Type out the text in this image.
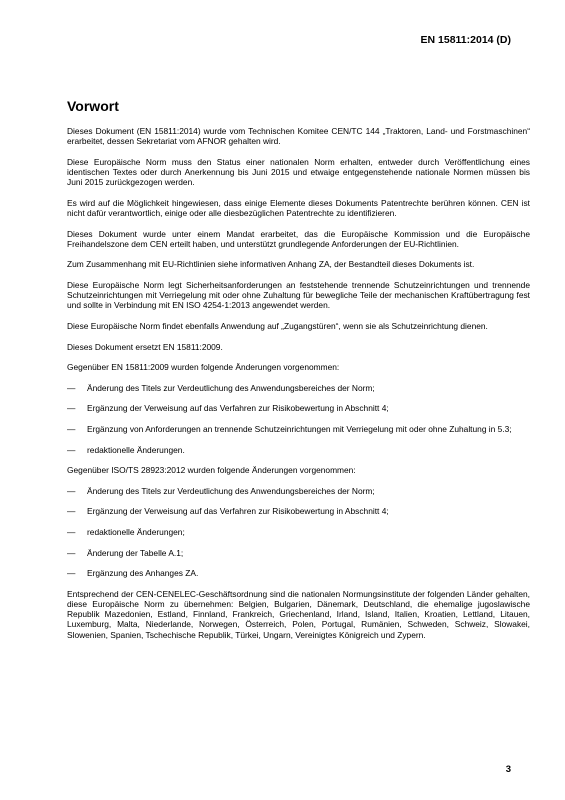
EN 15811:2014 (D)
Vorwort

Dieses Dokument (EN 15811:2014) wurde vom Technischen Komitee CEN/TC 144 „Traktoren, Land- und Forstmaschinen“ erarbeitet, dessen Sekretariat vom AFNOR gehalten wird.

Diese Europäische Norm muss den Status einer nationalen Norm erhalten, entweder durch Veröffentlichung eines identischen Textes oder durch Anerkennung bis Juni 2015 und etwaige entgegenstehende nationale Normen müssen bis Juni 2015 zurückgezogen werden.

Es wird auf die Möglichkeit hingewiesen, dass einige Elemente dieses Dokuments Patentrechte berühren können. CEN ist nicht dafür verantwortlich, einige oder alle diesbezüglichen Patentrechte zu identifizieren.

Dieses Dokument wurde unter einem Mandat erarbeitet, das die Europäische Kommission und die Europäische Freihandelszone dem CEN erteilt haben, und unterstützt grundlegende Anforderungen der EU-Richtlinien.

Zum Zusammenhang mit EU-Richtlinien siehe informativen Anhang ZA, der Bestandteil dieses Dokuments ist.

Diese Europäische Norm legt Sicherheitsanforderungen an feststehende trennende Schutzeinrichtungen und trennende Schutzeinrichtungen mit Verriegelung mit oder ohne Zuhaltung für bewegliche Teile der mechanischen Kraftübertragung fest und sollte in Verbindung mit EN ISO 4254-1:2013 angewendet werden.

Diese Europäische Norm findet ebenfalls Anwendung auf „Zugangstüren“, wenn sie als Schutzeinrichtung dienen.

Dieses Dokument ersetzt EN 15811:2009.

Gegenüber EN 15811:2009 wurden folgende Änderungen vorgenommen:

—	Änderung des Titels zur Verdeutlichung des Anwendungsbereiches der Norm;
—	Ergänzung der Verweisung auf das Verfahren zur Risikobewertung in Abschnitt 4;
—	Ergänzung von Anforderungen an trennende Schutzeinrichtungen mit Verriegelung mit oder ohne Zuhaltung in 5.3;
—	redaktionelle Änderungen.

Gegenüber ISO/TS 28923:2012 wurden folgende Änderungen vorgenommen:

—	Änderung des Titels zur Verdeutlichung des Anwendungsbereiches der Norm;
—	Ergänzung der Verweisung auf das Verfahren zur Risikobewertung in Abschnitt 4;
—	redaktionelle Änderungen;
—	Änderung der Tabelle A.1;
—	Ergänzung des Anhanges ZA.

Entsprechend der CEN-CENELEC-Geschäftsordnung sind die nationalen Normungsinstitute der folgenden Länder gehalten, diese Europäische Norm zu übernehmen: Belgien, Bulgarien, Dänemark, Deutschland, die ehemalige jugoslawische Republik Mazedonien, Estland, Finnland, Frankreich, Griechenland, Irland, Island, Italien, Kroatien, Lettland, Litauen, Luxemburg, Malta, Niederlande, Norwegen, Österreich, Polen, Portugal, Rumänien, Schweden, Schweiz, Slowakei, Slowenien, Spanien, Tschechische Republik, Türkei, Ungarn, Vereinigtes Königreich und Zypern.

3
